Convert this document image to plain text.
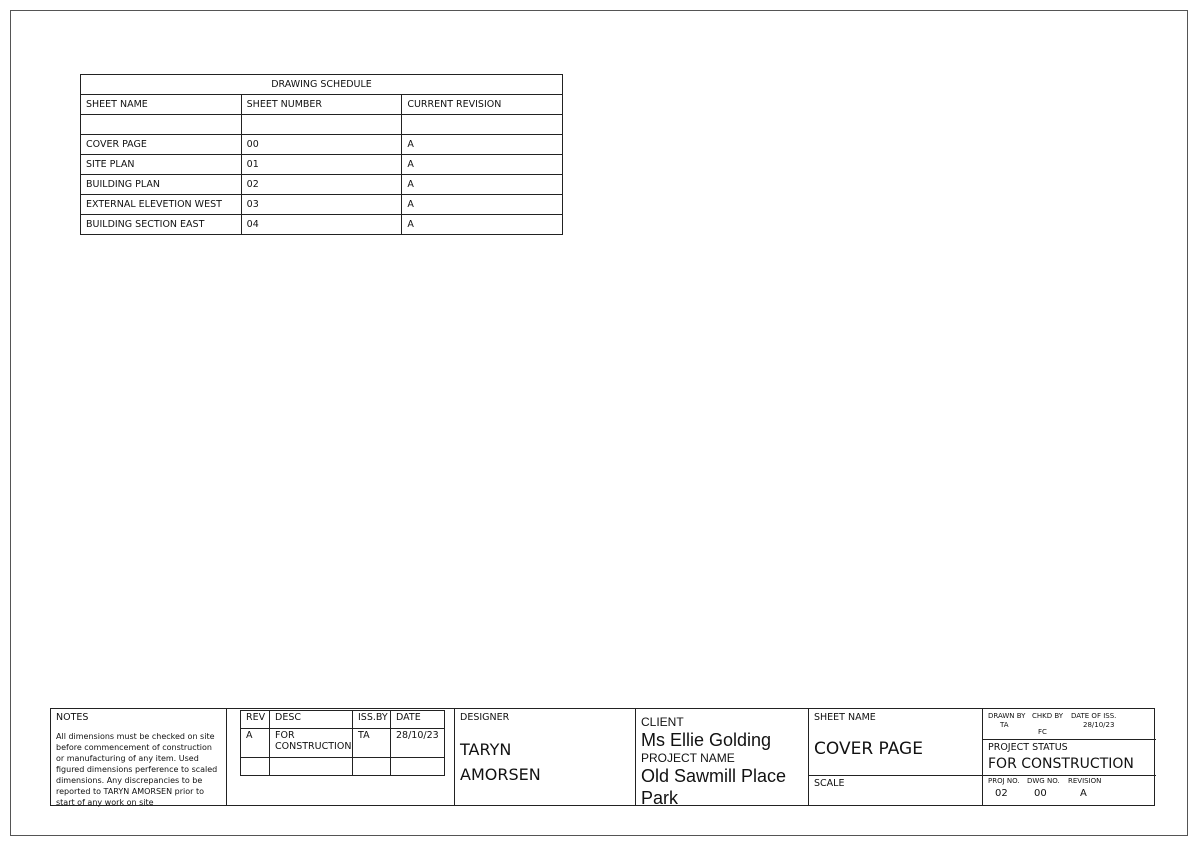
DRAWING SCHEDULE		
SHEET NAME	SHEET NUMBER	CURRENT REVISION

COVER PAGE	00	A
SITE PLAN	01	A
BUILDING PLAN	02	A
EXTERNAL ELEVETION WEST	03	A
BUILDING SECTION EAST	04	A
NOTES
All dimensions must be checked on site before commencement of construction or manufacturing of any item. Used figured dimensions perference to scaled dimensions. Any discrepancies to be reported to TARYN AMORSEN prior to start of any work on site
REV	DESC	ISS.BY	DATE
A	FOR CONSTRUCTION	TA	28/10/23

DESIGNER
TARYN
AMORSEN
CLIENT
Ms Ellie Golding
PROJECT NAME
Old Sawmill Place
Park
SHEET NAME
COVER PAGE
SCALE
DRAWN BY
TA
CHKD BY
FC
DATE OF ISS.
28/10/23
PROJECT STATUS
FOR CONSTRUCTION
PROJ NO. DWG NO. REVISION
02	00	A
